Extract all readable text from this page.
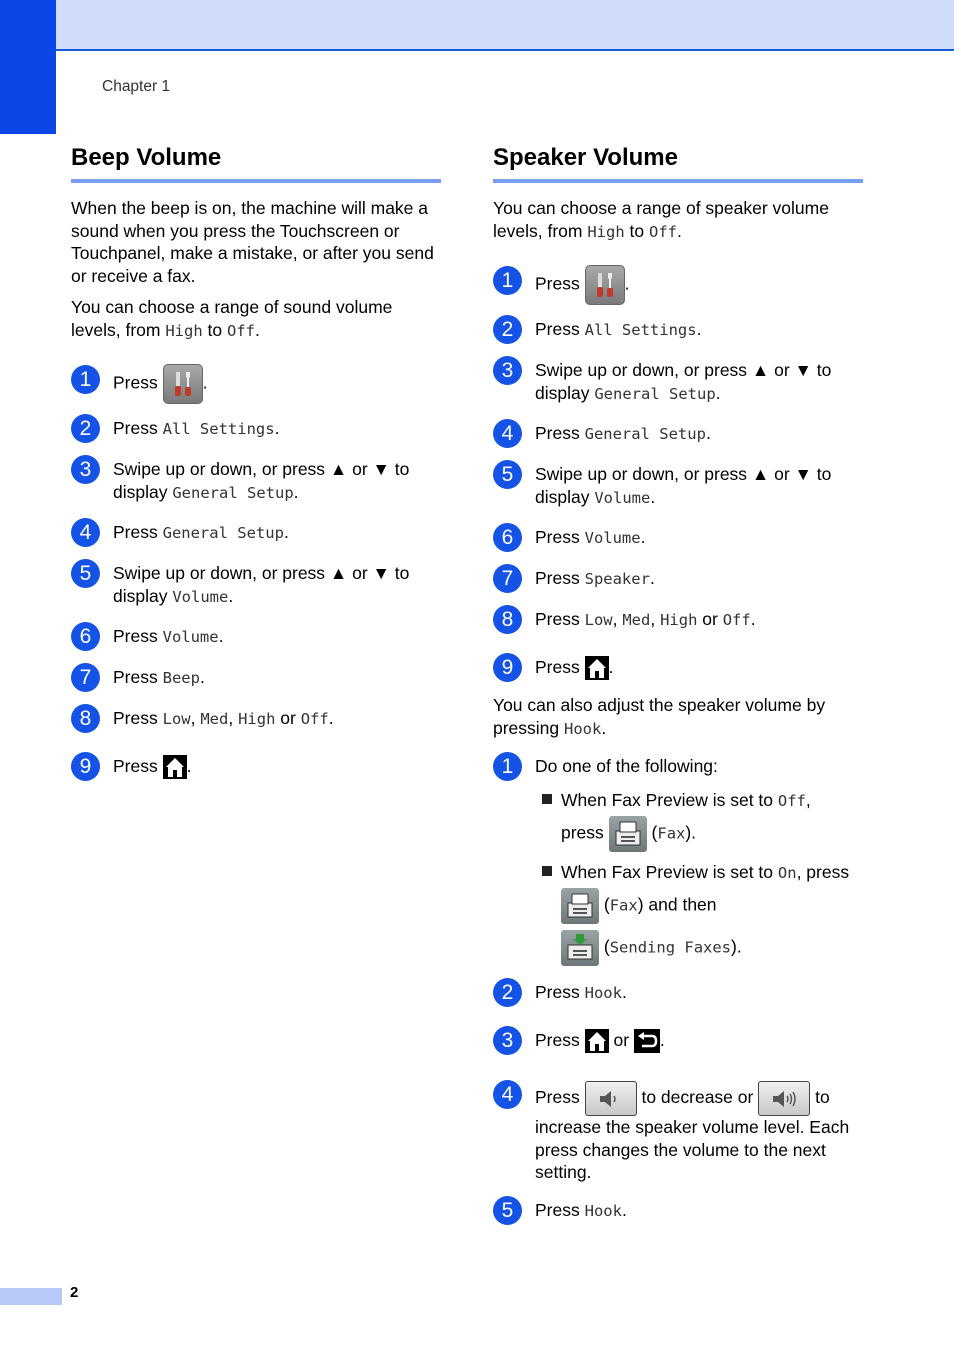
Chapter 1
Beep Volume

When the beep is on, the machine will make a sound when you press the Touchscreen or Touchpanel, make a mistake, or after you send or receive a fax.

You can choose a range of sound volume levels, from High to Off.

1	Press
.
2	Press All Settings.
3	Swipe up or down, or press ▲ or ▼ to display General Setup.
4	Press General Setup.
5	Swipe up or down, or press ▲ or ▼ to display Volume.
6	Press Volume.
7	Press Beep.
8	Press Low, Med, High or Off.
9	Press
.
Speaker Volume

You can choose a range of speaker volume levels, from High to Off.

1	Press
.
2	Press All Settings.
3	Swipe up or down, or press ▲ or ▼ to display General Setup.
4	Press General Setup.
5	Swipe up or down, or press ▲ or ▼ to display Volume.
6	Press Volume.
7	Press Speaker.
8	Press Low, Med, High or Off.
9	Press
.

You can also adjust the speaker volume by pressing Hook.

1	Do one of the following:
When Fax Preview is set to Off,
press
(Fax).
When Fax Preview is set to On, press
(Fax) and then
(Sending Faxes).
2	Press Hook.
3	Press
or
.
4	Press	to decrease or	to
increase the speaker volume level. Each press changes the volume to the next setting.
5	Press Hook.
2
